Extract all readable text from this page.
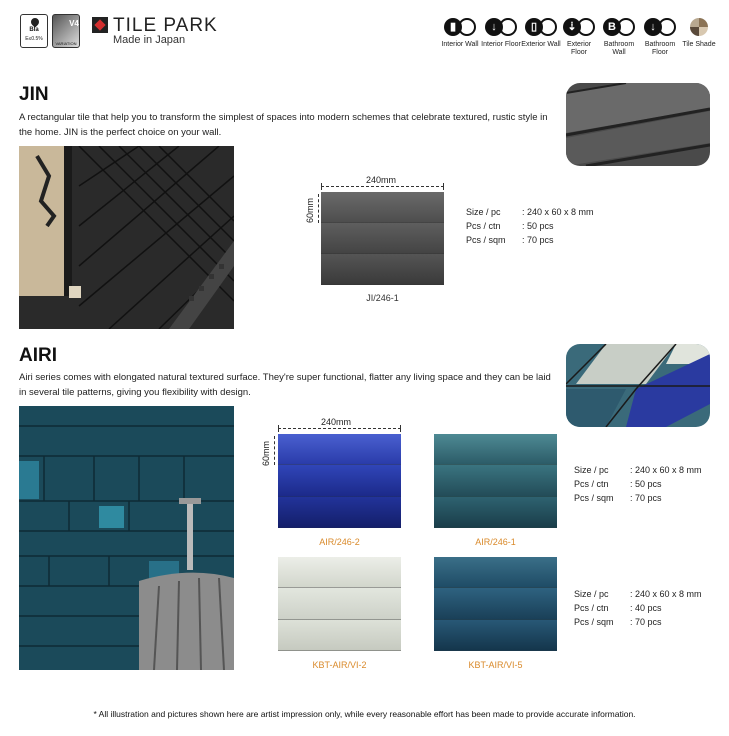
BIa
E≤0.5%
V4
VARIATION
TILE PARK
Made in Japan
▮
Interior Wall
↓
Interior Floor
▯
Exterior Wall
⇣
Exterior Floor
B
Bathroom Wall
↓
Bathroom Floor
Tile Shade
JIN
A rectangular tile that help you to transform the simplest of spaces into modern schemes that celebrate textured, rustic style in the home. JIN is the perfect choice on your wall.
240mm
60mm
JI/246-1
Size / pc	: 240 x 60 x 8 mm
Pcs / ctn	: 50 pcs
Pcs / sqm	: 70 pcs
AIRI
Airi series comes with elongated natural textured surface. They're super functional, flatter any living space and they can be laid in several tile patterns, giving you flexibility with design.
240mm
60mm
AIR/246-2	AIR/246-1
KBT-AIR/VI-2	KBT-AIR/VI-5
Size / pc	: 240 x 60 x 8 mm
Pcs / ctn	: 50 pcs
Pcs / sqm	: 70 pcs
Size / pc	: 240 x 60 x 8 mm
Pcs / ctn	: 40 pcs
Pcs / sqm	: 70 pcs
* All illustration and pictures shown here are artist impression only, while every reasonable effort has been made to provide accurate information.
